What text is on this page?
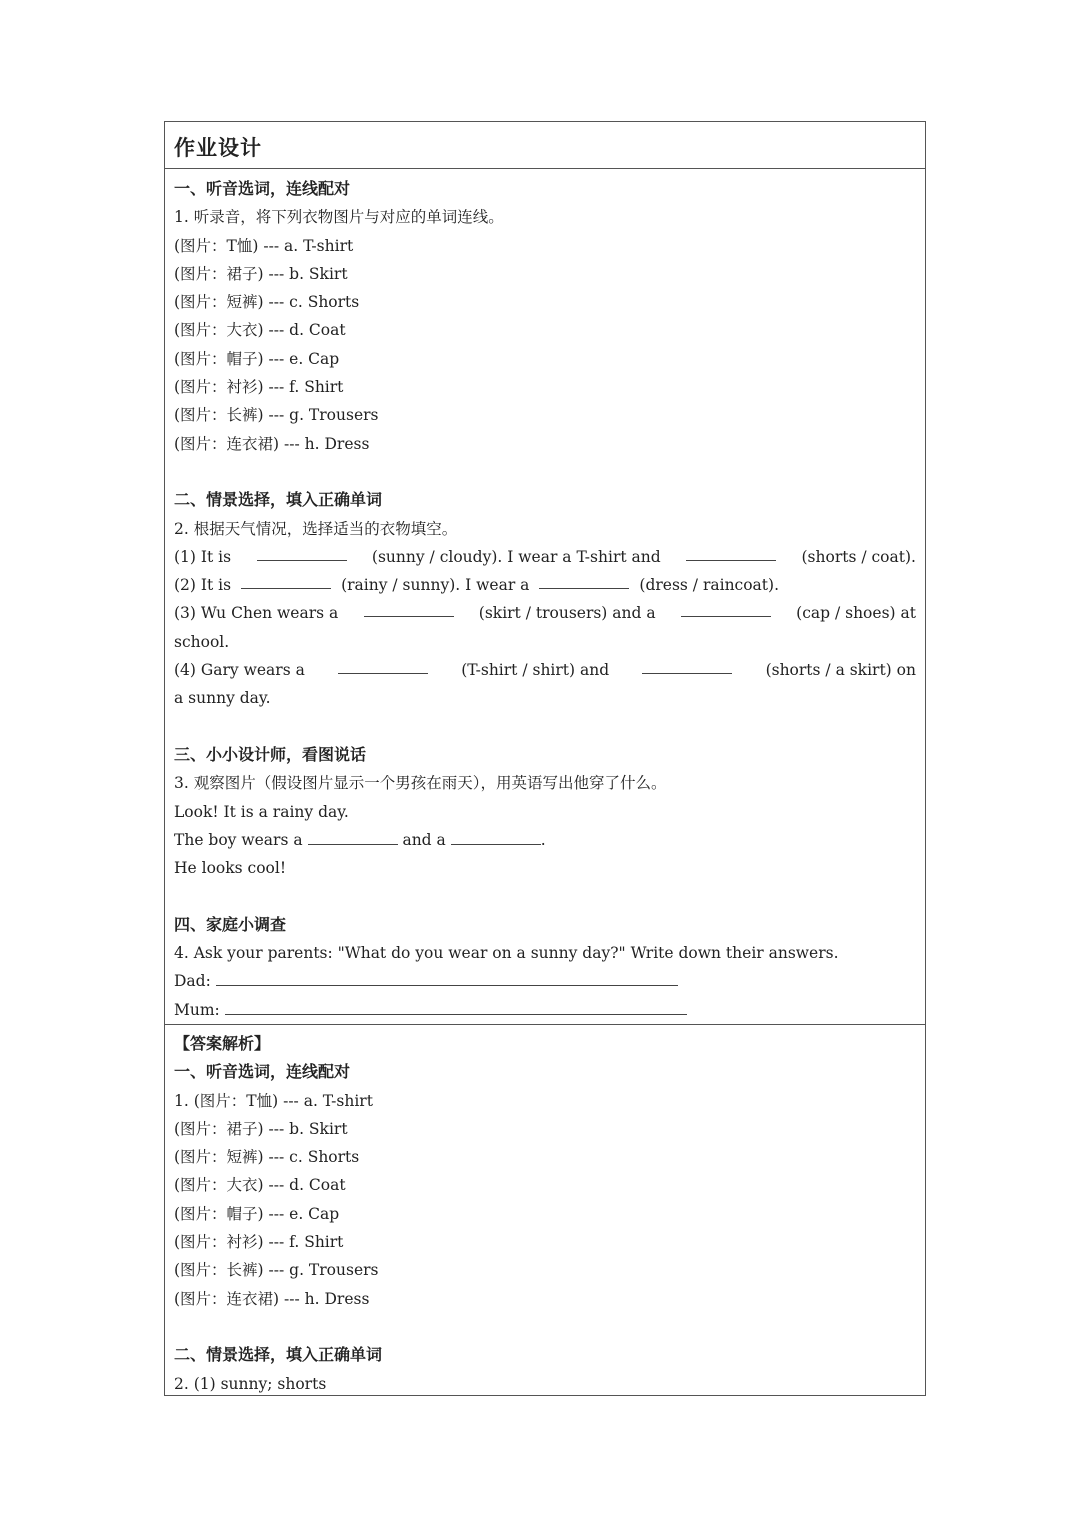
作业设计
一、听音选词，连线配对
1. 听录音，将下列衣物图片与对应的单词连线。
(图片：T恤) --- a. T-shirt
(图片：裙子) --- b. Skirt
(图片：短裤) --- c. Shorts
(图片：大衣) --- d. Coat
(图片：帽子) --- e. Cap
(图片：衬衫) --- f. Shirt
(图片：长裤) --- g. Trousers
(图片：连衣裙) --- h. Dress
二、情景选择，填入正确单词
2. 根据天气情况，选择适当的衣物填空。
(1) It is	(sunny / cloudy). I wear a T-shirt and	(shorts / coat).
(2) It is	(rainy / sunny). I wear a	(dress / raincoat).
(3) Wu Chen wears a	(skirt / trousers) and a	(cap / shoes) at
school.
(4) Gary wears a	(T-shirt / shirt) and	(shorts / a skirt) on
a sunny day.
三、小小设计师，看图说话
3. 观察图片（假设图片显示一个男孩在雨天），用英语写出他穿了什么。
Look! It is a rainy day.
The boy wears a	and a	.
He looks cool!
四、家庭小调查
4. Ask your parents: "What do you wear on a sunny day?" Write down their answers.
Dad:
Mum:
【答案解析】
一、听音选词，连线配对
1. (图片：T恤) --- a. T-shirt
(图片：裙子) --- b. Skirt
(图片：短裤) --- c. Shorts
(图片：大衣) --- d. Coat
(图片：帽子) --- e. Cap
(图片：衬衫) --- f. Shirt
(图片：长裤) --- g. Trousers
(图片：连衣裙) --- h. Dress
二、情景选择，填入正确单词
2. (1) sunny; shorts
